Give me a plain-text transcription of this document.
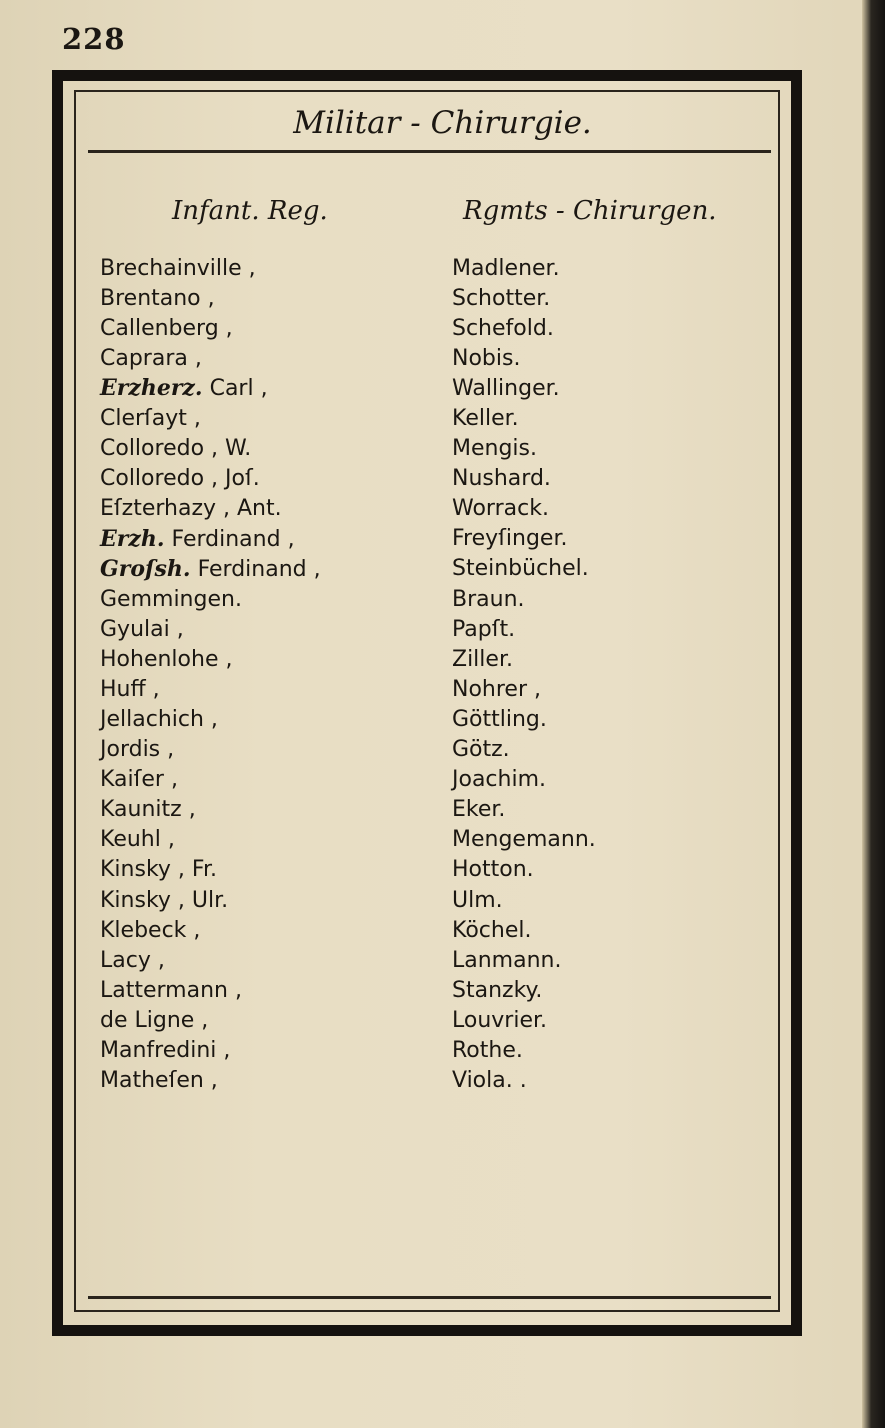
228
Militar - Chirurgie.
Infant. Reg.	Rgmts - Chirurgen.
Brechainville ,	Madlener.
Brentano ,	Schotter.
Callenberg ,	Schefold.
Caprara ,	Nobis.
Erzherz. Carl ,	Wallinger.
Clerſayt ,	Keller.
Colloredo , W.	Mengis.
Colloredo , Joſ.	Nushard.
Eſzterhazy , Ant.	Worrack.
Erzh. Ferdinand ,	Freyſinger.
Groſsh. Ferdinand ,	Steinbüchel.
Gemmingen.	Braun.
Gyulai ,	Papſt.
Hohenlohe ,	Ziller.
Huff ,	Nohrer ,
Jellachich ,	Göttling.
Jordis ,	Götz.
Kaiſer ,	Joachim.
Kaunitz ,	Eker.
Keuhl ,	Mengemann.
Kinsky , Fr.	Hotton.
Kinsky , Ulr.	Ulm.
Klebeck ,	Köchel.
Lacy ,	Lanmann.
Lattermann ,	Stanzky.
de Ligne ,	Louvrier.
Manfredini ,	Rothe.
Matheſen ,	Viola. .
